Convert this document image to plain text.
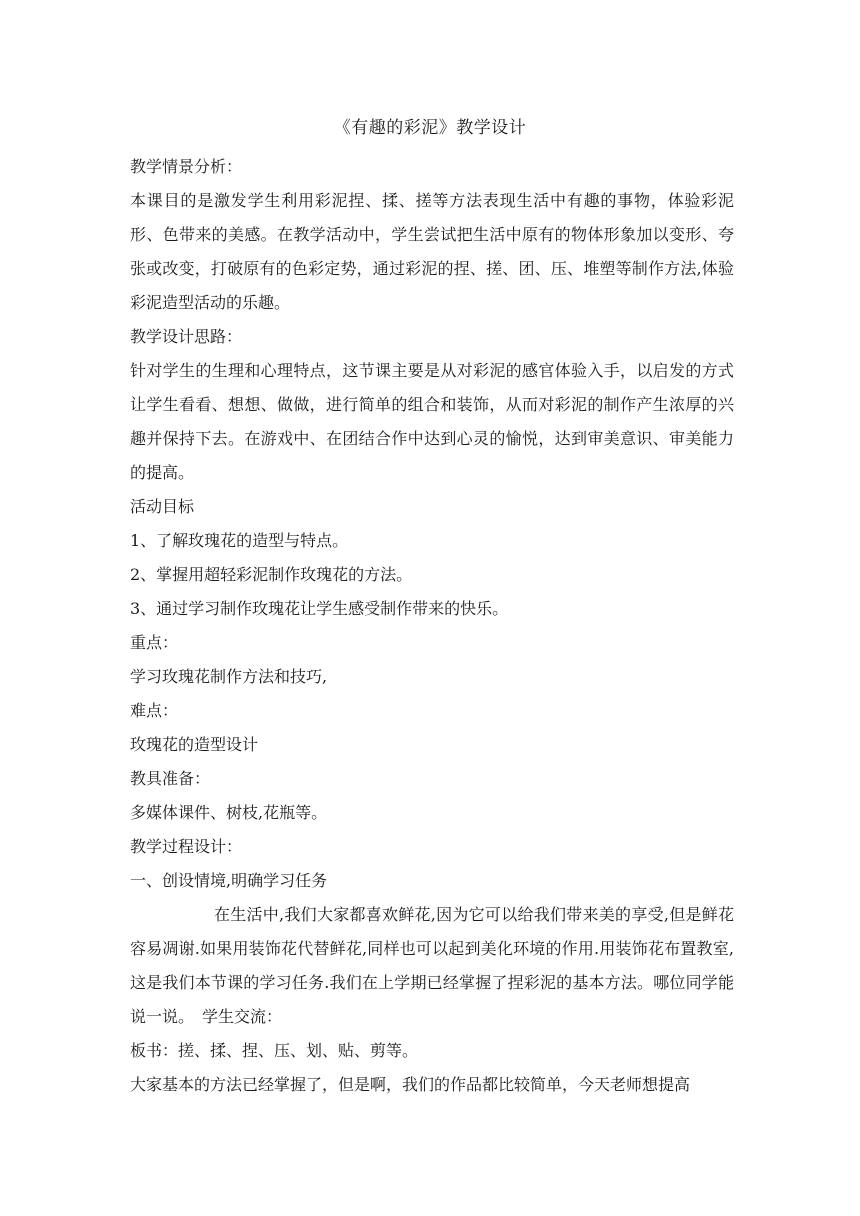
《有趣的彩泥》教学设计

教学情景分析：

本课目的是激发学生利用彩泥捏、揉、搓等方法表现生活中有趣的事物，体验彩泥形、色带来的美感。在教学活动中，学生尝试把生活中原有的物体形象加以变形、夸张或改变，打破原有的色彩定势，通过彩泥的捏、搓、团、压、堆塑等制作方法,体验彩泥造型活动的乐趣。

教学设计思路：

针对学生的生理和心理特点，这节课主要是从对彩泥的感官体验入手，以启发的方式让学生看看、想想、做做，进行简单的组合和装饰，从而对彩泥的制作产生浓厚的兴趣并保持下去。在游戏中、在团结合作中达到心灵的愉悦，达到审美意识、审美能力的提高。

活动目标

1、了解玫瑰花的造型与特点。

2、掌握用超轻彩泥制作玫瑰花的方法。

3、通过学习制作玫瑰花让学生感受制作带来的快乐。

重点：

学习玫瑰花制作方法和技巧,

难点：

玫瑰花的造型设计

教具准备：

多媒体课件、树枝,花瓶等。

教学过程设计：

一、创设情境,明确学习任务

在生活中,我们大家都喜欢鲜花,因为它可以给我们带来美的享受,但是鲜花容易凋谢.如果用装饰花代替鲜花,同样也可以起到美化环境的作用.用装饰花布置教室,这是我们本节课的学习任务.我们在上学期已经掌握了捏彩泥的基本方法。哪位同学能说一说。　学生交流：

板书：搓、揉、捏、压、划、贴、剪等。

大家基本的方法已经掌握了，但是啊，我们的作品都比较简单，今天老师想提高
